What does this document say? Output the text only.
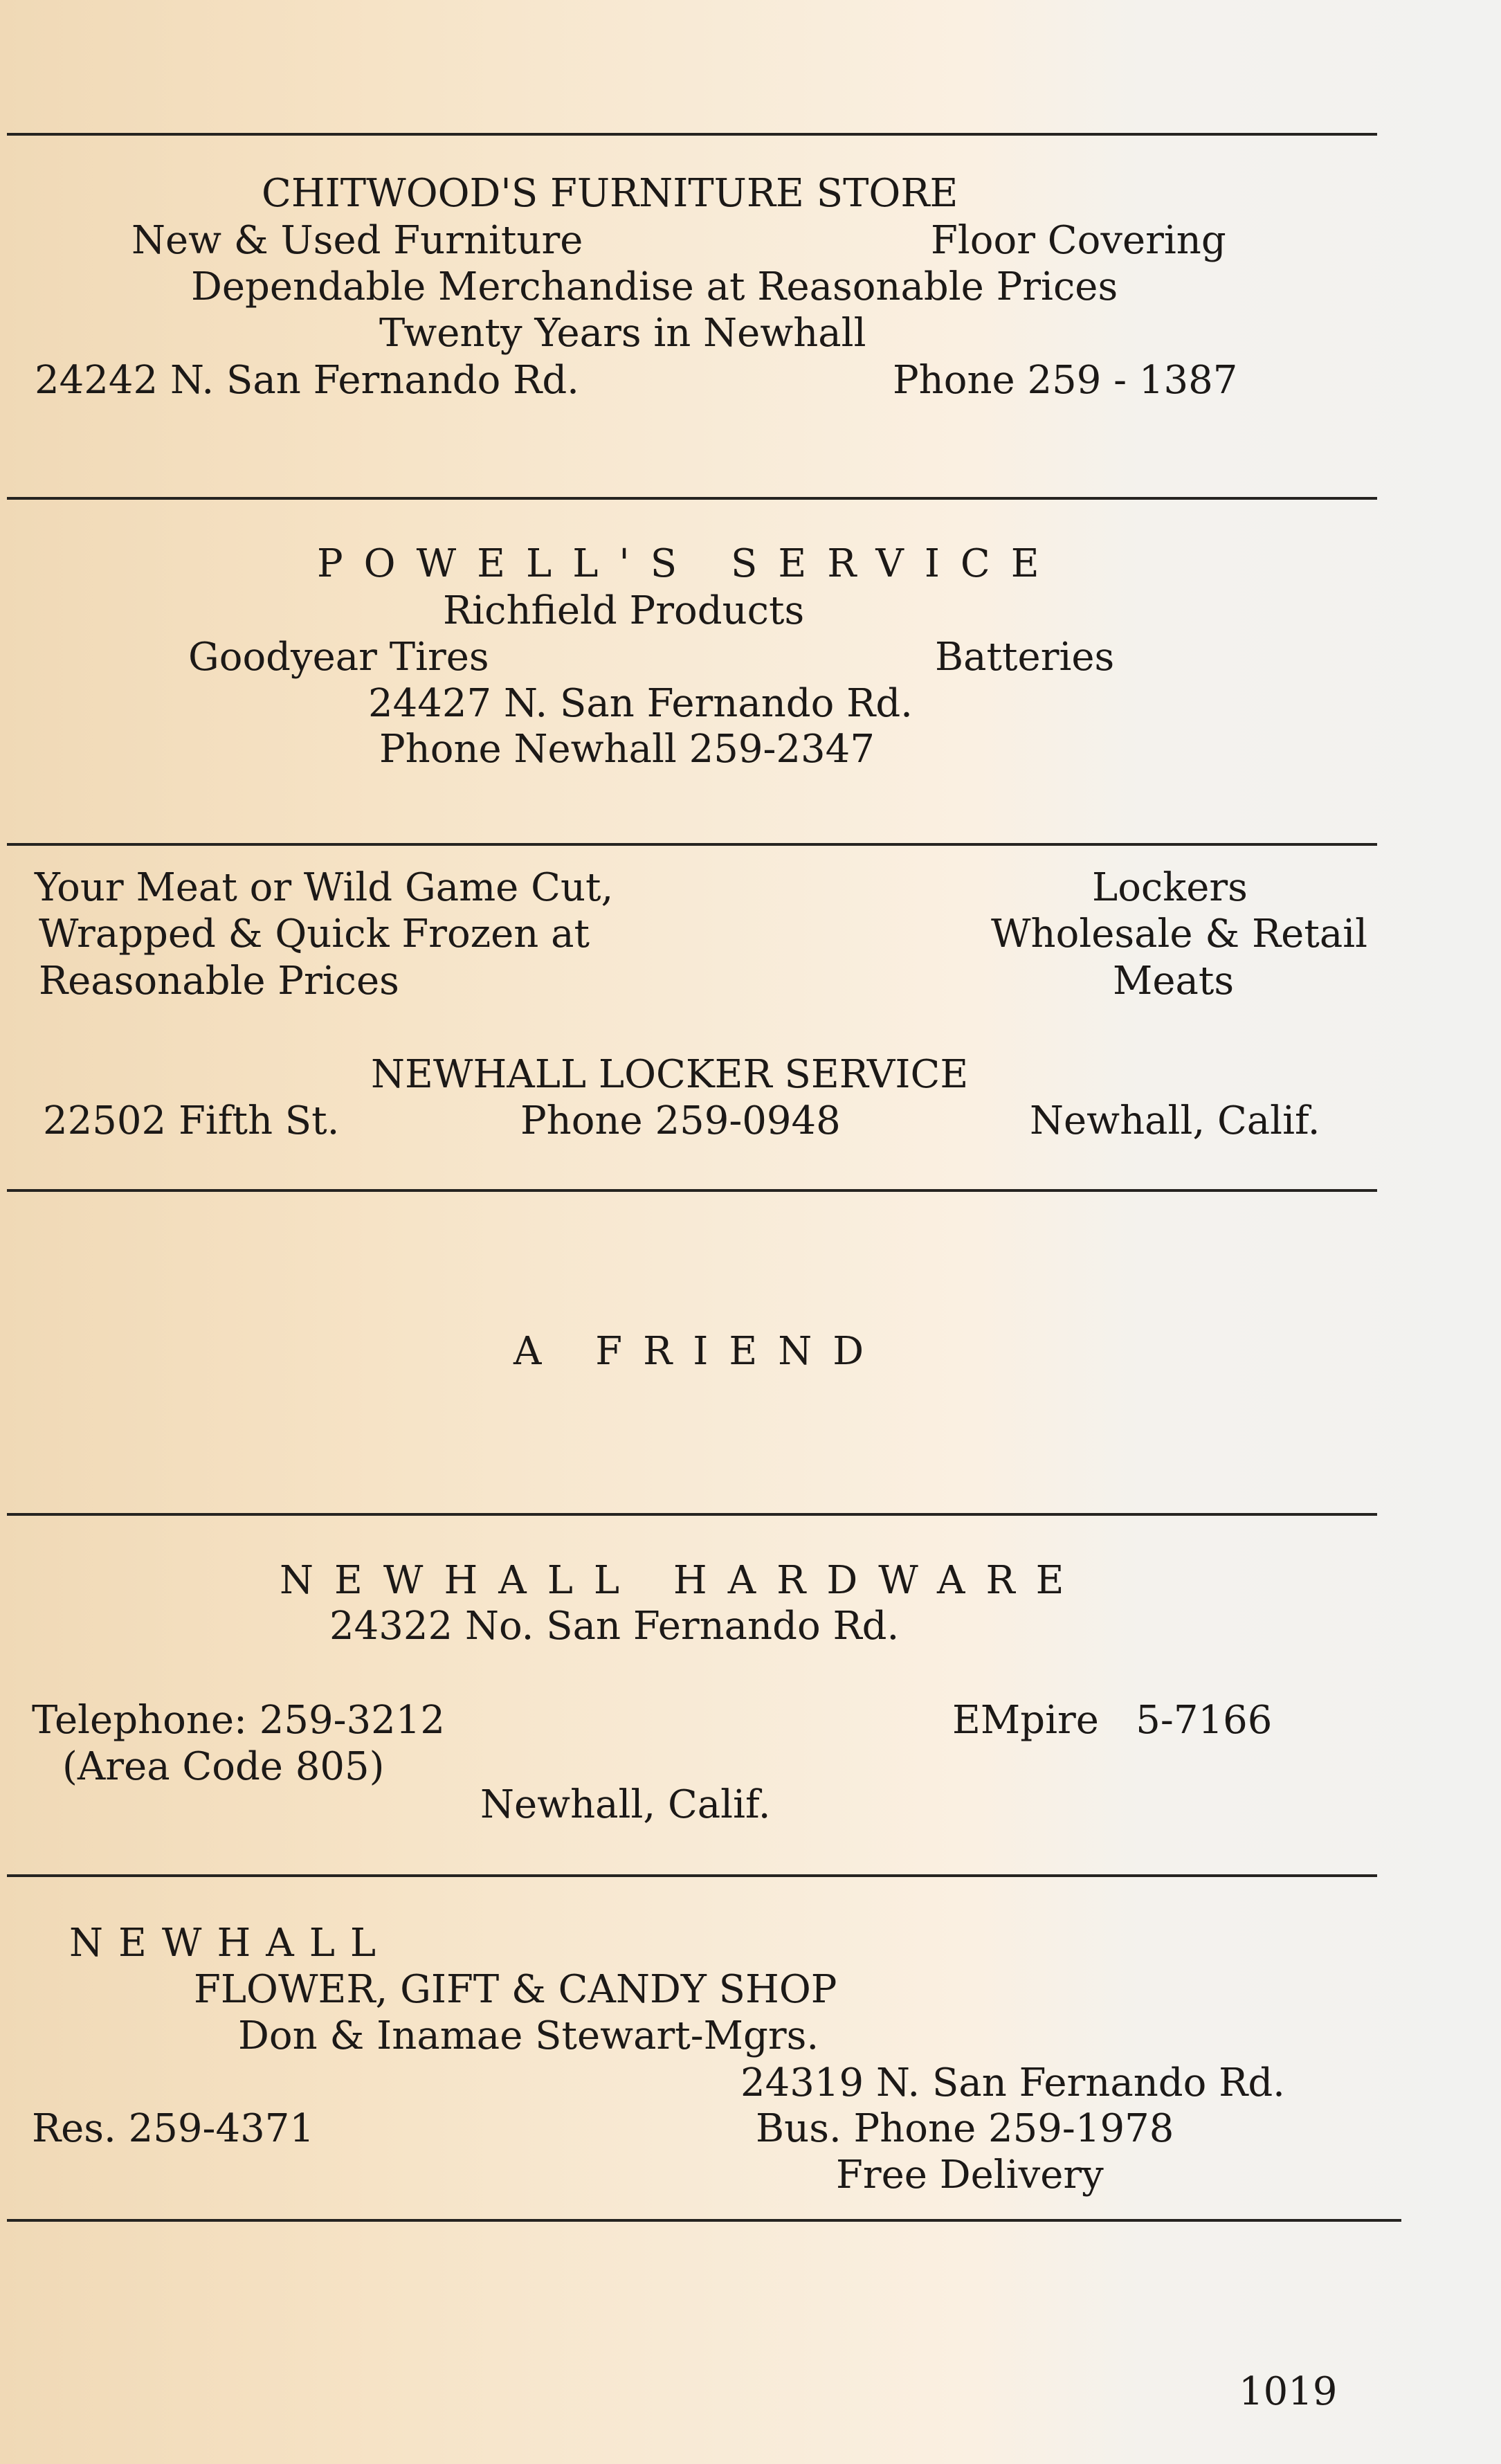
CHITWOOD'S FURNITURE STORE
New & Used Furniture	Floor Covering
Dependable Merchandise at Reasonable Prices
Twenty Years in Newhall
24242 N. San Fernando Rd.	Phone 259 - 1387
POWELL'S SERVICE
Richfield Products
Goodyear Tires	Batteries
24427 N. San Fernando Rd.
Phone Newhall 259-2347
Your Meat or Wild Game Cut,
Wrapped & Quick Frozen at
Reasonable Prices
Lockers
Wholesale & Retail
Meats
NEWHALL LOCKER SERVICE
22502 Fifth St.	Phone 259-0948	Newhall, Calif.
A FRIEND
NEWHALL HARDWARE
24322 No. San Fernando Rd.
Telephone: 259-3212
(Area Code 805)
EMpire   5-7166
Newhall, Calif.
NEWHALL
FLOWER, GIFT & CANDY SHOP
Don & Inamae Stewart-Mgrs.
24319 N. San Fernando Rd.
Res. 259-4371	Bus. Phone 259-1978
Free Delivery
1019
